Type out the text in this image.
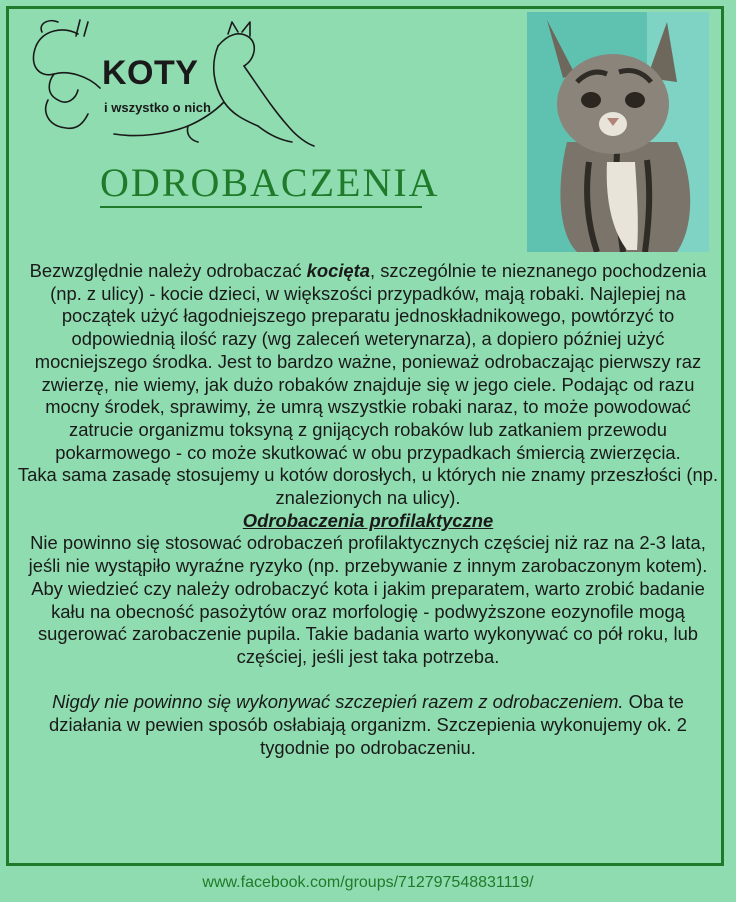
KOTY
i wszystko o nich
ODROBACZENIA

Bezwzględnie należy odrobaczać kocięta, szczególnie te nieznanego pochodzenia (np. z ulicy) - kocie dzieci, w większości przypadków, mają robaki. Najlepiej na początek użyć łagodniejszego preparatu jednoskładnikowego, powtórzyć to odpowiednią ilość razy (wg zaleceń weterynarza), a dopiero później użyć mocniejszego środka. Jest to bardzo ważne, ponieważ odrobaczając pierwszy raz zwierzę, nie wiemy, jak dużo robaków znajduje się w jego ciele. Podając od razu mocny środek, sprawimy, że umrą wszystkie robaki naraz, to może powodować zatrucie organizmu toksyną z gnijących robaków lub zatkaniem przewodu pokarmowego - co może skutkować w obu przypadkach śmiercią zwierzęcia.

Taka sama zasadę stosujemy u kotów dorosłych, u których nie znamy przeszłości (np. znalezionych na ulicy).

Odrobaczenia profilaktyczne

Nie powinno się stosować odrobaczeń profilaktycznych częściej niż raz na 2-3 lata, jeśli nie wystąpiło wyraźne ryzyko (np. przebywanie z innym zarobaczonym kotem).

Aby wiedzieć czy należy odrobaczyć kota i jakim preparatem, warto zrobić badanie kału na obecność pasożytów oraz morfologię - podwyższone eozynofile mogą sugerować zarobaczenie pupila. Takie badania warto wykonywać co pół roku, lub częściej, jeśli jest taka potrzeba.

Nigdy nie powinno się wykonywać szczepień razem z odrobaczeniem. Oba te działania w pewien sposób osłabiają organizm. Szczepienia wykonujemy ok. 2 tygodnie po odrobaczeniu.

www.facebook.com/groups/712797548831119/
